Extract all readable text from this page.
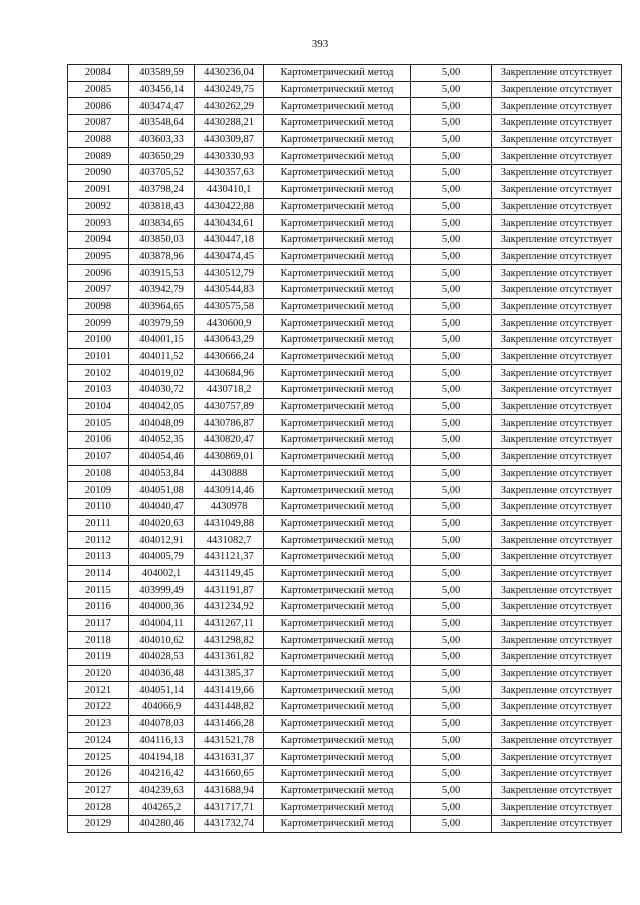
393
20084	403589,59	4430236,04	Картометрический метод	5,00	Закрепление отсутствует
20085	403456,14	4430249,75	Картометрический метод	5,00	Закрепление отсутствует
20086	403474,47	4430262,29	Картометрический метод	5,00	Закрепление отсутствует
20087	403548,64	4430288,21	Картометрический метод	5,00	Закрепление отсутствует
20088	403603,33	4430309,87	Картометрический метод	5,00	Закрепление отсутствует
20089	403650,29	4430330,93	Картометрический метод	5,00	Закрепление отсутствует
20090	403705,52	4430357,63	Картометрический метод	5,00	Закрепление отсутствует
20091	403798,24	4430410,1	Картометрический метод	5,00	Закрепление отсутствует
20092	403818,43	4430422,88	Картометрический метод	5,00	Закрепление отсутствует
20093	403834,65	4430434,61	Картометрический метод	5,00	Закрепление отсутствует
20094	403850,03	4430447,18	Картометрический метод	5,00	Закрепление отсутствует
20095	403878,96	4430474,45	Картометрический метод	5,00	Закрепление отсутствует
20096	403915,53	4430512,79	Картометрический метод	5,00	Закрепление отсутствует
20097	403942,79	4430544,83	Картометрический метод	5,00	Закрепление отсутствует
20098	403964,65	4430575,58	Картометрический метод	5,00	Закрепление отсутствует
20099	403979,59	4430600,9	Картометрический метод	5,00	Закрепление отсутствует
20100	404001,15	4430643,29	Картометрический метод	5,00	Закрепление отсутствует
20101	404011,52	4430666,24	Картометрический метод	5,00	Закрепление отсутствует
20102	404019,02	4430684,96	Картометрический метод	5,00	Закрепление отсутствует
20103	404030,72	4430718,2	Картометрический метод	5,00	Закрепление отсутствует
20104	404042,05	4430757,89	Картометрический метод	5,00	Закрепление отсутствует
20105	404048,09	4430786,87	Картометрический метод	5,00	Закрепление отсутствует
20106	404052,35	4430820,47	Картометрический метод	5,00	Закрепление отсутствует
20107	404054,46	4430869,01	Картометрический метод	5,00	Закрепление отсутствует
20108	404053,84	4430888	Картометрический метод	5,00	Закрепление отсутствует
20109	404051,08	4430914,46	Картометрический метод	5,00	Закрепление отсутствует
20110	404040,47	4430978	Картометрический метод	5,00	Закрепление отсутствует
20111	404020,63	4431049,88	Картометрический метод	5,00	Закрепление отсутствует
20112	404012,91	4431082,7	Картометрический метод	5,00	Закрепление отсутствует
20113	404005,79	4431121,37	Картометрический метод	5,00	Закрепление отсутствует
20114	404002,1	4431149,45	Картометрический метод	5,00	Закрепление отсутствует
20115	403999,49	4431191,87	Картометрический метод	5,00	Закрепление отсутствует
20116	404000,36	4431234,92	Картометрический метод	5,00	Закрепление отсутствует
20117	404004,11	4431267,11	Картометрический метод	5,00	Закрепление отсутствует
20118	404010,62	4431298,82	Картометрический метод	5,00	Закрепление отсутствует
20119	404028,53	4431361,82	Картометрический метод	5,00	Закрепление отсутствует
20120	404036,48	4431385,37	Картометрический метод	5,00	Закрепление отсутствует
20121	404051,14	4431419,66	Картометрический метод	5,00	Закрепление отсутствует
20122	404066,9	4431448,82	Картометрический метод	5,00	Закрепление отсутствует
20123	404078,03	4431466,28	Картометрический метод	5,00	Закрепление отсутствует
20124	404116,13	4431521,78	Картометрический метод	5,00	Закрепление отсутствует
20125	404194,18	4431631,37	Картометрический метод	5,00	Закрепление отсутствует
20126	404216,42	4431660,65	Картометрический метод	5,00	Закрепление отсутствует
20127	404239,63	4431688,94	Картометрический метод	5,00	Закрепление отсутствует
20128	404265,2	4431717,71	Картометрический метод	5,00	Закрепление отсутствует
20129	404280,46	4431732,74	Картометрический метод	5,00	Закрепление отсутствует
